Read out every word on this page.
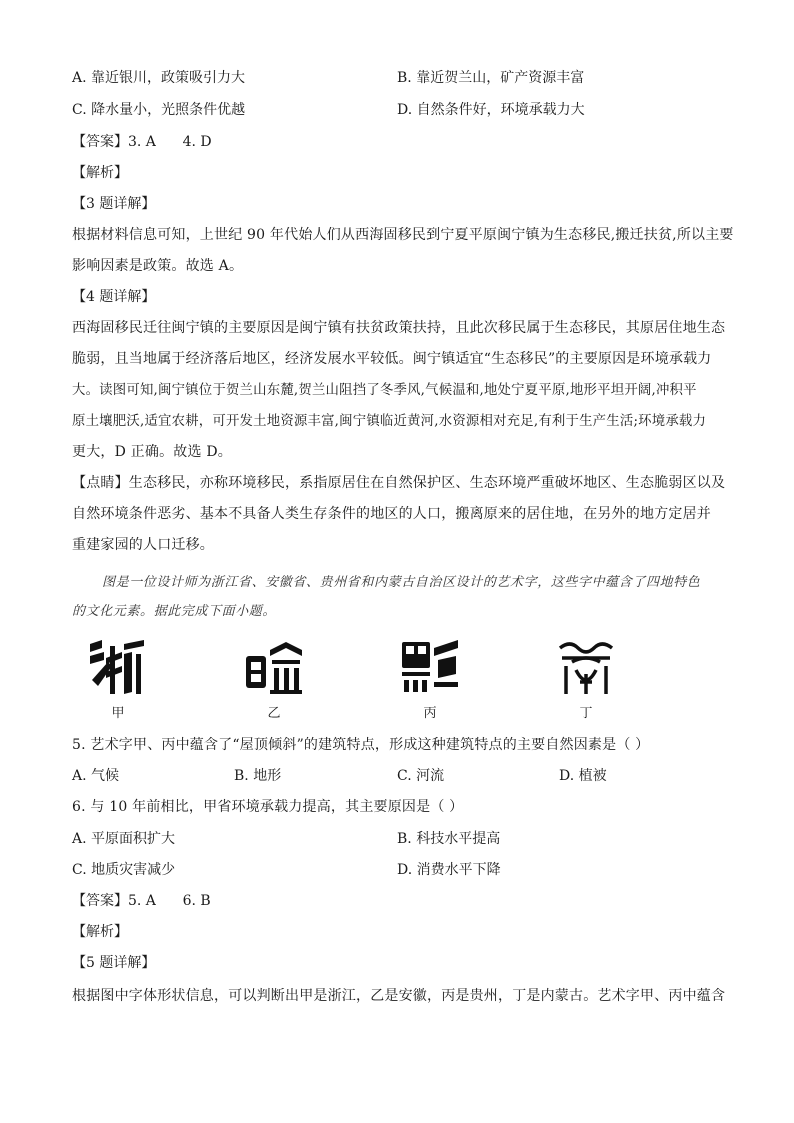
A. 靠近银川，政策吸引力大	B. 靠近贺兰山，矿产资源丰富
C. 降水量小，光照条件优越	D. 自然条件好，环境承载力大
【答案】3. A      4. D
【解析】
【3 题详解】
根据材料信息可知，上世纪 90 年代始人们从西海固移民到宁夏平原闽宁镇为生态移民,搬迁扶贫,所以主要
影响因素是政策。故选 A。
【4 题详解】
西海固移民迁往闽宁镇的主要原因是闽宁镇有扶贫政策扶持，且此次移民属于生态移民，其原居住地生态
脆弱，且当地属于经济落后地区，经济发展水平较低。闽宁镇适宜“生态移民”的主要原因是环境承载力
大。读图可知,闽宁镇位于贺兰山东麓,贺兰山阻挡了冬季风,气候温和,地处宁夏平原,地形平坦开阔,冲积平
原土壤肥沃,适宜农耕，可开发土地资源丰富,闽宁镇临近黄河,水资源相对充足,有利于生产生活;环境承载力
更大，D 正确。故选 D。
【点睛】生态移民，亦称环境移民，系指原居住在自然保护区、生态环境严重破坏地区、生态脆弱区以及
自然环境条件恶劣、基本不具备人类生存条件的地区的人口，搬离原来的居住地，在另外的地方定居并
重建家园的人口迁移。
图是一位设计师为浙江省、安徽省、贵州省和内蒙古自治区设计的艺术字，这些字中蕴含了四地特色
的文化元素。据此完成下面小题。
甲	乙	丙	丁
5. 艺术字甲、丙中蕴含了“屋顶倾斜”的建筑特点，形成这种建筑特点的主要自然因素是（ ）
A. 气候	B. 地形	C. 河流	D. 植被
6. 与 10 年前相比，甲省环境承载力提高，其主要原因是（ ）
A. 平原面积扩大	B. 科技水平提高
C. 地质灾害减少	D. 消费水平下降
【答案】5. A      6. B
【解析】
【5 题详解】
根据图中字体形状信息，可以判断出甲是浙江，乙是安徽，丙是贵州，丁是内蒙古。艺术字甲、丙中蕴含
